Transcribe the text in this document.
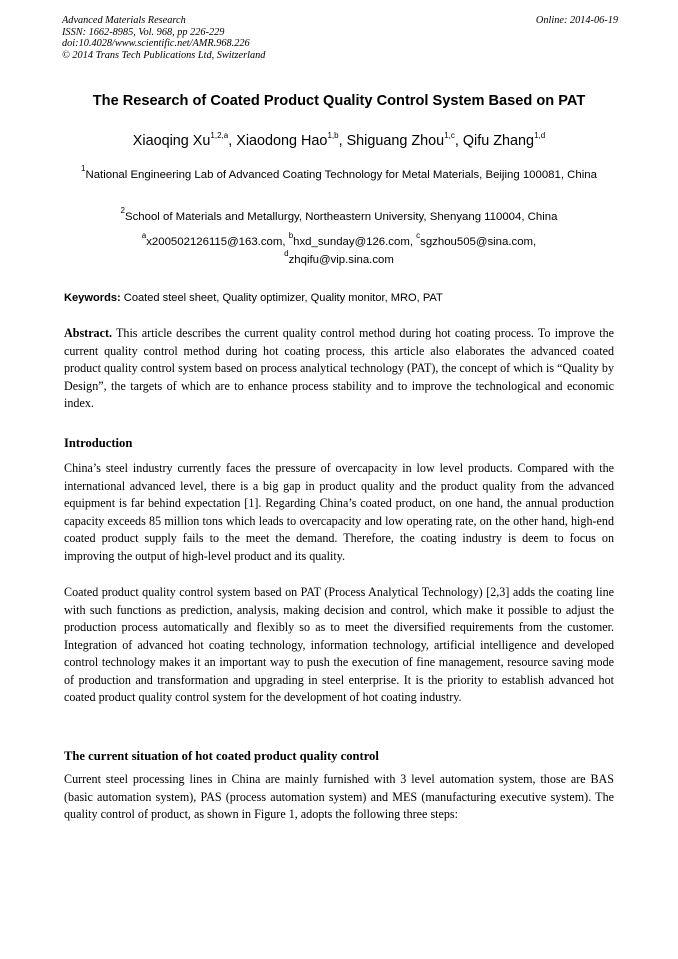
Advanced Materials Research
ISSN: 1662-8985, Vol. 968, pp 226-229
doi:10.4028/www.scientific.net/AMR.968.226
© 2014 Trans Tech Publications Ltd, Switzerland
Online: 2014-06-19
The Research of Coated Product Quality Control System Based on PAT
Xiaoqing Xu$^{1,2,a}$, Xiaodong Hao$^{1,b}$, Shiguang Zhou$^{1,c}$, Qifu Zhang$^{1,d}$
$^1$National Engineering Lab of Advanced Coating Technology for Metal Materials, Beijing 100081, China
$^2$School of Materials and Metallurgy, Northeastern University, Shenyang 110004, China
$^a$x200502126115@163.com, $^b$hxd_sunday@126.com, $^c$sgzhou505@sina.com,
$^d$zhqifu@vip.sina.com
Keywords: Coated steel sheet, Quality optimizer, Quality monitor, MRO, PAT
Abstract. This article describes the current quality control method during hot coating process. To improve the current quality control method during hot coating process, this article also elaborates the advanced coated product quality control system based on process analytical technology (PAT), the concept of which is “Quality by Design”, the targets of which are to enhance process stability and to improve the technological and economic index.
Introduction
China’s steel industry currently faces the pressure of overcapacity in low level products. Compared with the international advanced level, there is a big gap in product quality and the product quality from the advanced equipment is far behind expectation [1]. Regarding China’s coated product, on one hand, the annual production capacity exceeds 85 million tons which leads to overcapacity and low operating rate, on the other hand, high-end coated product supply fails to the meet the demand. Therefore, the coating industry is deem to focus on improving the output of high-level product and its quality.
Coated product quality control system based on PAT (Process Analytical Technology) [2,3] adds the coating line with such functions as prediction, analysis, making decision and control, which make it possible to adjust the production process automatically and flexibly so as to meet the diversified requirements from the customer. Integration of advanced hot coating technology, information technology, artificial intelligence and developed control technology makes it an important way to push the execution of fine management, resource saving mode of production and transformation and upgrading in steel enterprise. It is the priority to establish advanced hot coated product quality control system for the development of hot coating industry.
The current situation of hot coated product quality control
Current steel processing lines in China are mainly furnished with 3 level automation system, those are BAS (basic automation system), PAS (process automation system) and MES (manufacturing executive system). The quality control of product, as shown in Figure 1, adopts the following three steps:
